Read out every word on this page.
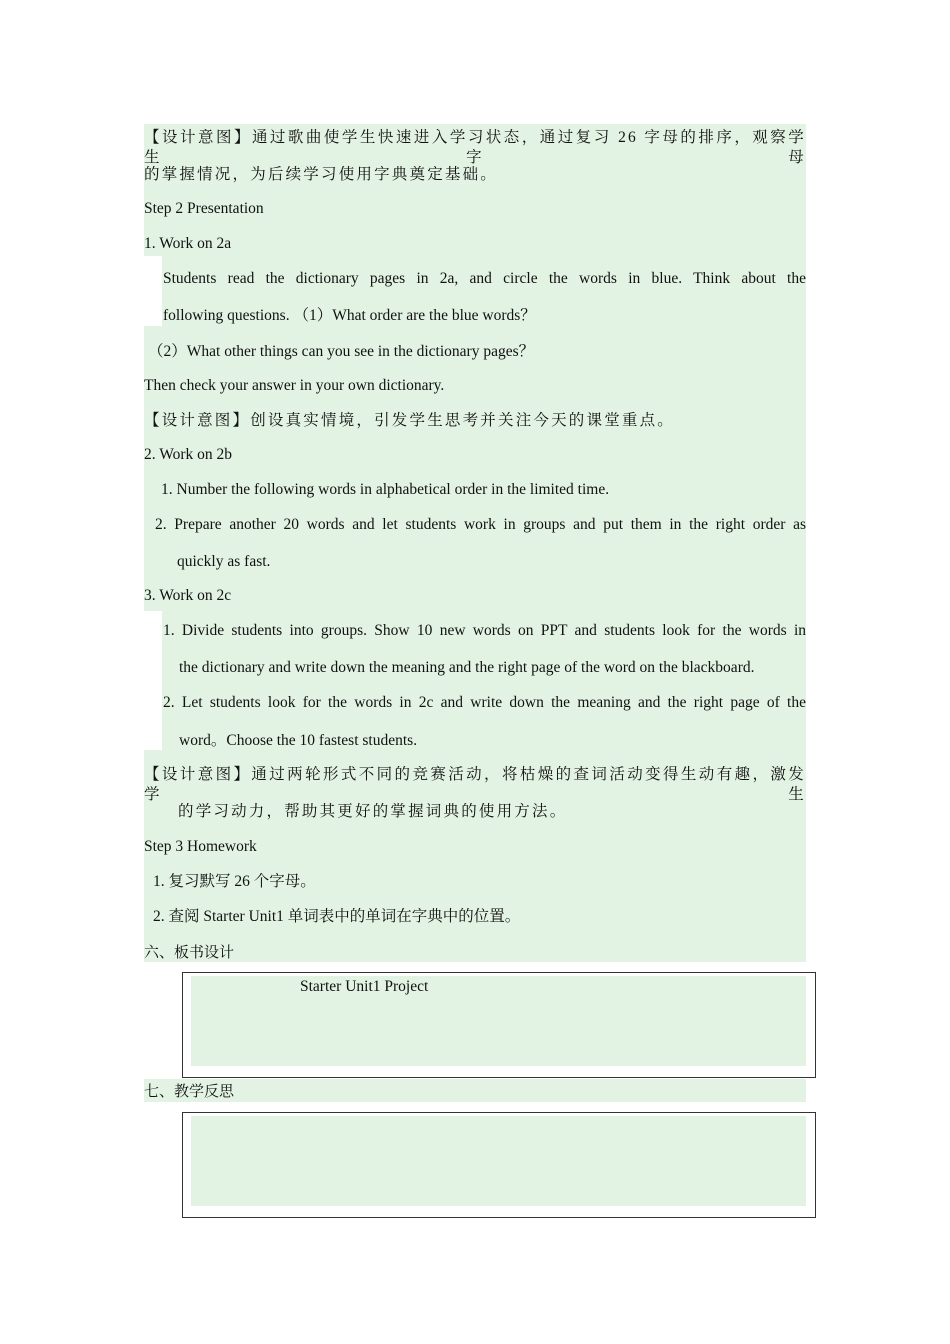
【设计意图】通过歌曲使学生快速进入学习状态，通过复习 26 字母的排序，观察学生字母
的掌握情况，为后续学习使用字典奠定基础。
Step 2 Presentation
1. Work on 2a
Students read the dictionary pages in 2a, and circle the words in blue. Think about the
following questions. （1）What order are the blue words？
（2）What other things can you see in the dictionary pages？
Then check your answer in your own dictionary.
【设计意图】创设真实情境，引发学生思考并关注今天的课堂重点。
2. Work on 2b
1. Number the following words in alphabetical order in the limited time.
2. Prepare another 20 words and let students work in groups and put them in the right order as
quickly as fast.
3. Work on 2c
1. Divide students into groups. Show 10 new words on PPT and students look for the words in
the dictionary and write down the meaning and the right page of the word on the blackboard.
2. Let students look for the words in 2c and write down the meaning and the right page of the
word。Choose the 10 fastest students.
【设计意图】通过两轮形式不同的竞赛活动，将枯燥的查词活动变得生动有趣，激发学生
的学习动力，帮助其更好的掌握词典的使用方法。
Step 3 Homework
1. 复习默写 26 个字母。
2. 查阅 Starter Unit1 单词表中的单词在字典中的位置。
六、板书设计
Starter Unit1 Project
七、教学反思
